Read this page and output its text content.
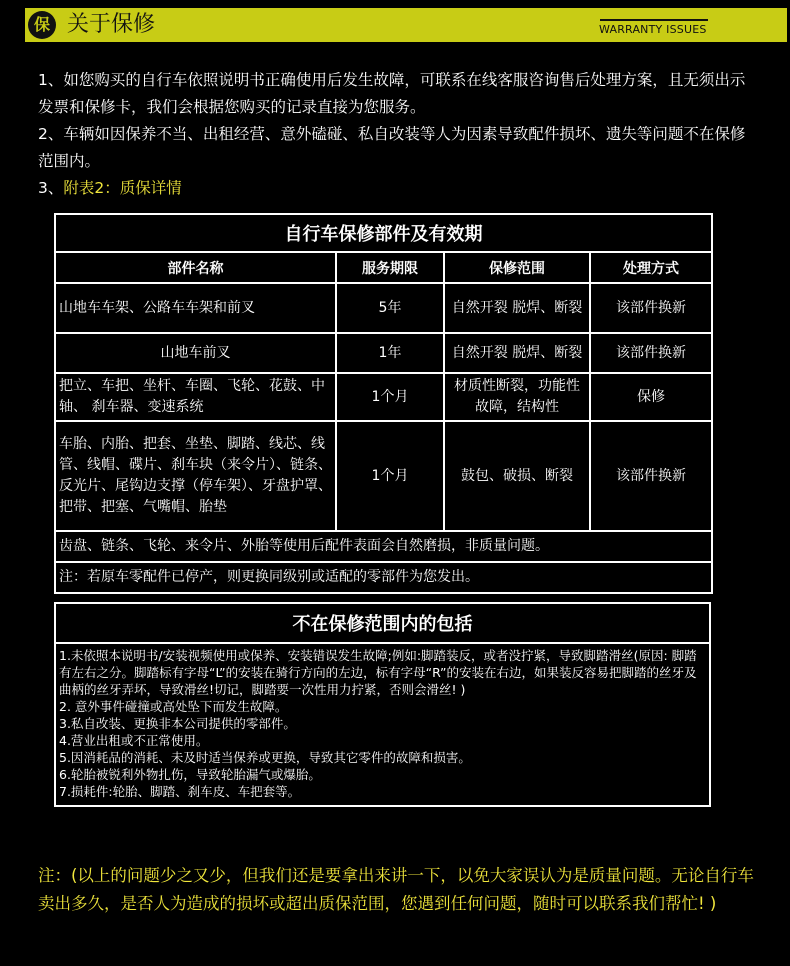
保 关于保修	WARRANTY ISSUES

1、如您购买的自行车依照说明书正确使用后发生故障，可联系在线客服咨询售后处理方案，且无须出示发票和保修卡，我们会根据您购买的记录直接为您服务。

2、车辆如因保养不当、出租经营、意外磕碰、私自改装等人为因素导致配件损坏、遗失等问题不在保修范围内。

3、附表2：质保详情

自行车保修部件及有效期			
部件名称	服务期限	保修范围	处理方式
山地车车架、公路车车架和前叉	5年	自然开裂 脱焊、断裂	该部件换新
山地车前叉	1年	自然开裂 脱焊、断裂	该部件换新
把立、车把、坐杆、车圈、飞轮、花鼓、中轴、 刹车器、变速系统	1个月	材质性断裂，功能性故障，结构性	保修
车胎、内胎、把套、坐垫、脚踏、线芯、线管、线帽、碟片、刹车块（来令片）、链条、反光片、尾钩边支撑（停车架）、牙盘护罩、把带、把塞、气嘴帽、胎垫	1个月	鼓包、破损、断裂	该部件换新
齿盘、链条、飞轮、来令片、外胎等使用后配件表面会自然磨损，非质量问题。			
注：若原车零配件已停产，则更换同级别或适配的零部件为您发出。			
不在保修范围内的包括

1.未依照本说明书/安装视频使用或保养、安装错误发生故障;例如:脚踏装反，或者没拧紧，导致脚踏滑丝(原因: 脚踏有左右之分。脚踏标有字母“L”的安装在骑行方向的左边，标有字母“R”的安装在右边，如果装反容易把脚踏的丝牙及曲柄的丝牙弄坏，导致滑丝!切记，脚踏要一次性用力拧紧，否则会滑丝! )
2. 意外事件碰撞或高处坠下而发生故障。
3.私自改装、更换非本公司提供的零部件。
4.营业出租或不正常使用。
5.因消耗品的消耗、未及时适当保养或更换，导致其它零件的故障和损害。
6.轮胎被锐利外物扎伤，导致轮胎漏气或爆胎。
7.损耗件:轮胎、脚踏、刹车皮、车把套等。
注：(以上的问题少之又少，但我们还是要拿出来讲一下，以免大家误认为是质量问题。无论自行车卖出多久，是否人为造成的损坏或超出质保范围，您遇到任何问题，随时可以联系我们帮忙! )
